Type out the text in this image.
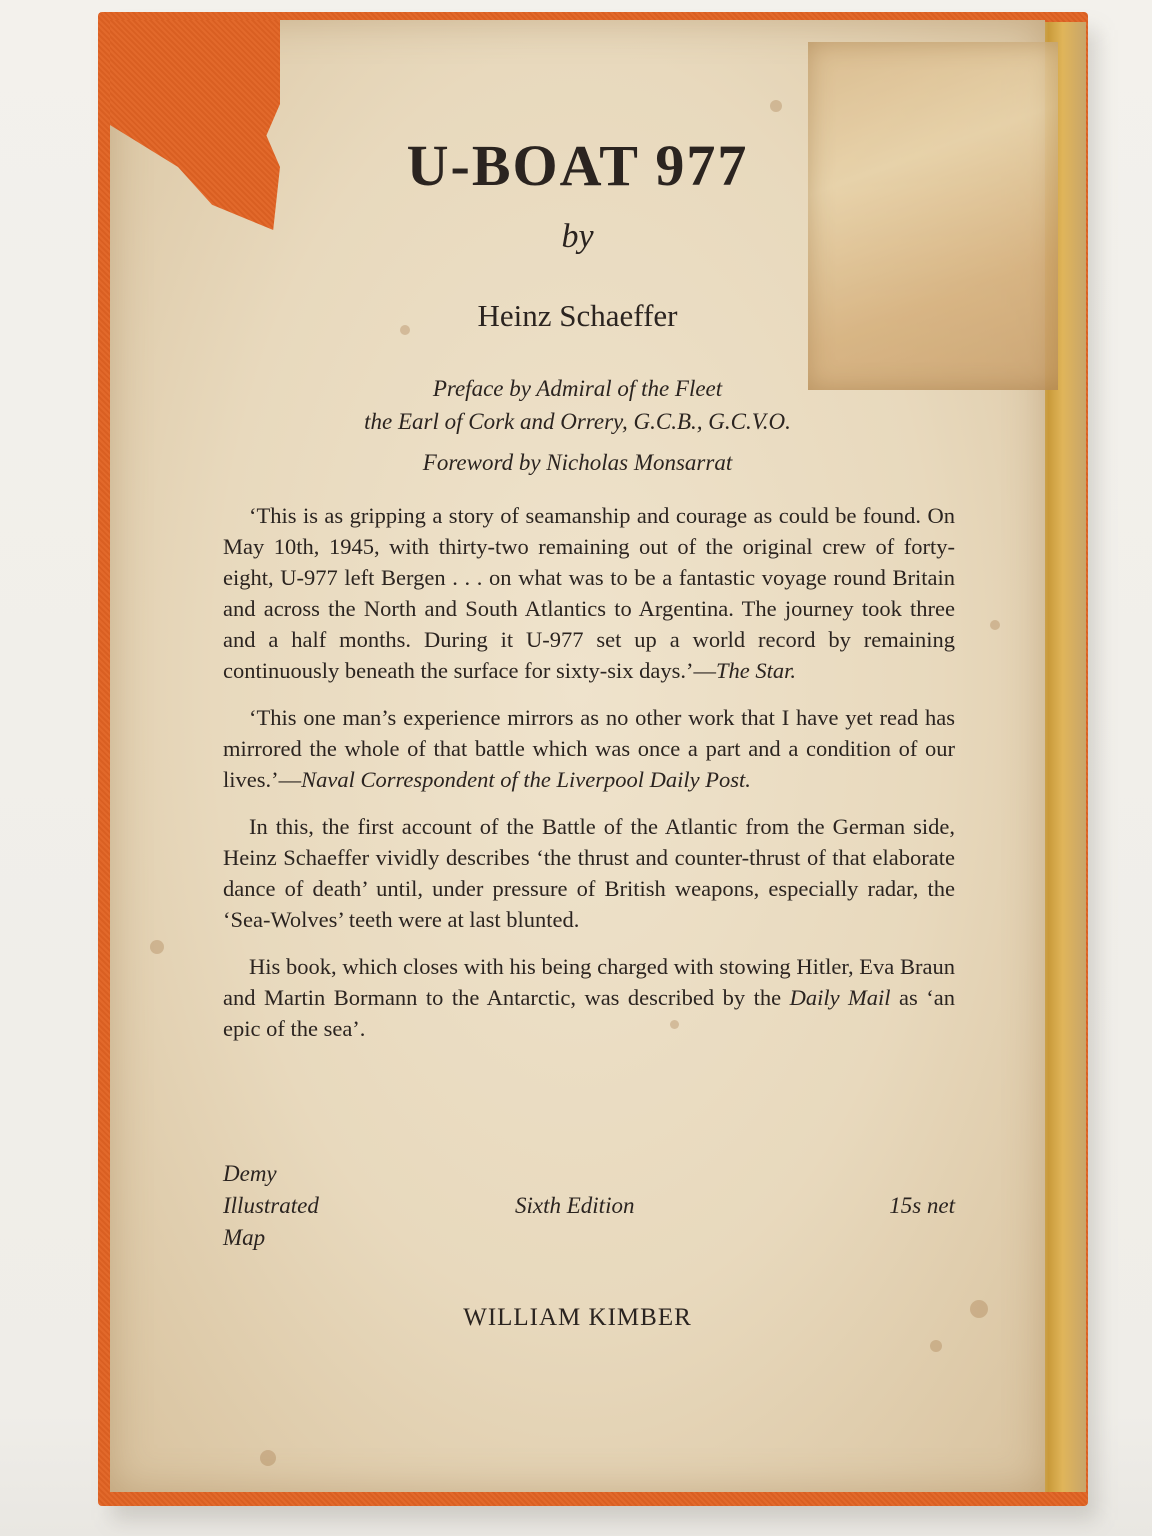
U-BOAT 977
by
Heinz Schaeffer
Preface by Admiral of the Fleet
the Earl of Cork and Orrery, G.C.B., G.C.V.O.
Foreword by Nicholas Monsarrat

‘This is as gripping a story of seamanship and courage as could be found. On May 10th, 1945, with thirty-two remaining out of the original crew of forty-eight, U-977 left Bergen . . . on what was to be a fantastic voyage round Britain and across the North and South Atlantics to Argentina. The journey took three and a half months. During it U-977 set up a world record by remaining continuously beneath the surface for sixty-six days.’—The Star.

‘This one man’s experience mirrors as no other work that I have yet read has mirrored the whole of that battle which was once a part and a condition of our lives.’—Naval Correspondent of the Liverpool Daily Post.

In this, the first account of the Battle of the Atlantic from the German side, Heinz Schaeffer vividly describes ‘the thrust and counter-thrust of that elaborate dance of death’ until, under pressure of British weapons, especially radar, the ‘Sea-Wolves’ teeth were at last blunted.

His book, which closes with his being charged with stowing Hitler, Eva Braun and Martin Bormann to the Antarctic, was described by the Daily Mail as ‘an epic of the sea’.

Demy
Illustrated
Map
Sixth Edition	15s net
WILLIAM KIMBER
